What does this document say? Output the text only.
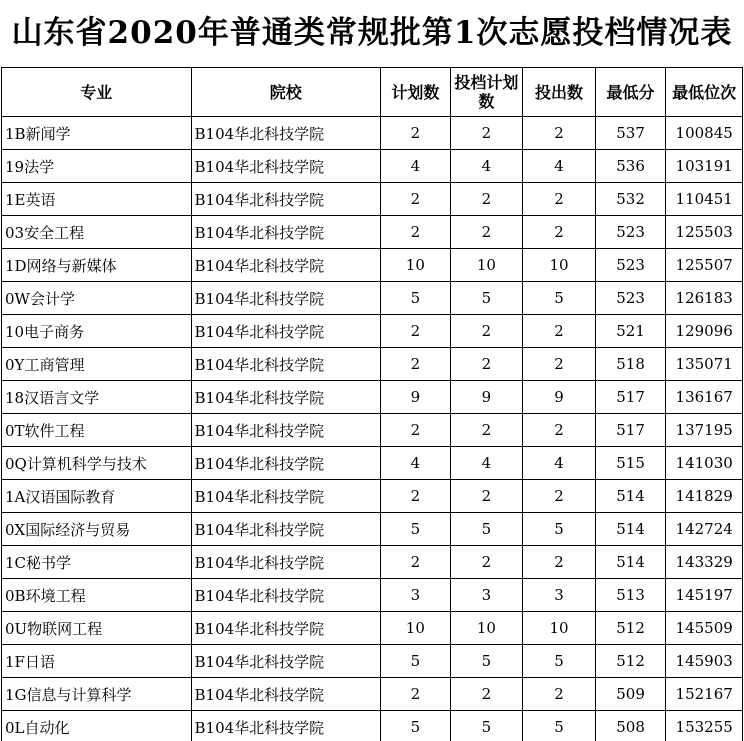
山东省2020年普通类常规批第1次志愿投档情况表
专业	院校	计划数	投档计划数	投出数	最低分	最低位次
1B新闻学	B104华北科技学院	2	2	2	537	100845
19法学	B104华北科技学院	4	4	4	536	103191
1E英语	B104华北科技学院	2	2	2	532	110451
03安全工程	B104华北科技学院	2	2	2	523	125503
1D网络与新媒体	B104华北科技学院	10	10	10	523	125507
0W会计学	B104华北科技学院	5	5	5	523	126183
10电子商务	B104华北科技学院	2	2	2	521	129096
0Y工商管理	B104华北科技学院	2	2	2	518	135071
18汉语言文学	B104华北科技学院	9	9	9	517	136167
0T软件工程	B104华北科技学院	2	2	2	517	137195
0Q计算机科学与技术	B104华北科技学院	4	4	4	515	141030
1A汉语国际教育	B104华北科技学院	2	2	2	514	141829
0X国际经济与贸易	B104华北科技学院	5	5	5	514	142724
1C秘书学	B104华北科技学院	2	2	2	514	143329
0B环境工程	B104华北科技学院	3	3	3	513	145197
0U物联网工程	B104华北科技学院	10	10	10	512	145509
1F日语	B104华北科技学院	5	5	5	512	145903
1G信息与计算科学	B104华北科技学院	2	2	2	509	152167
0L自动化	B104华北科技学院	5	5	5	508	153255
